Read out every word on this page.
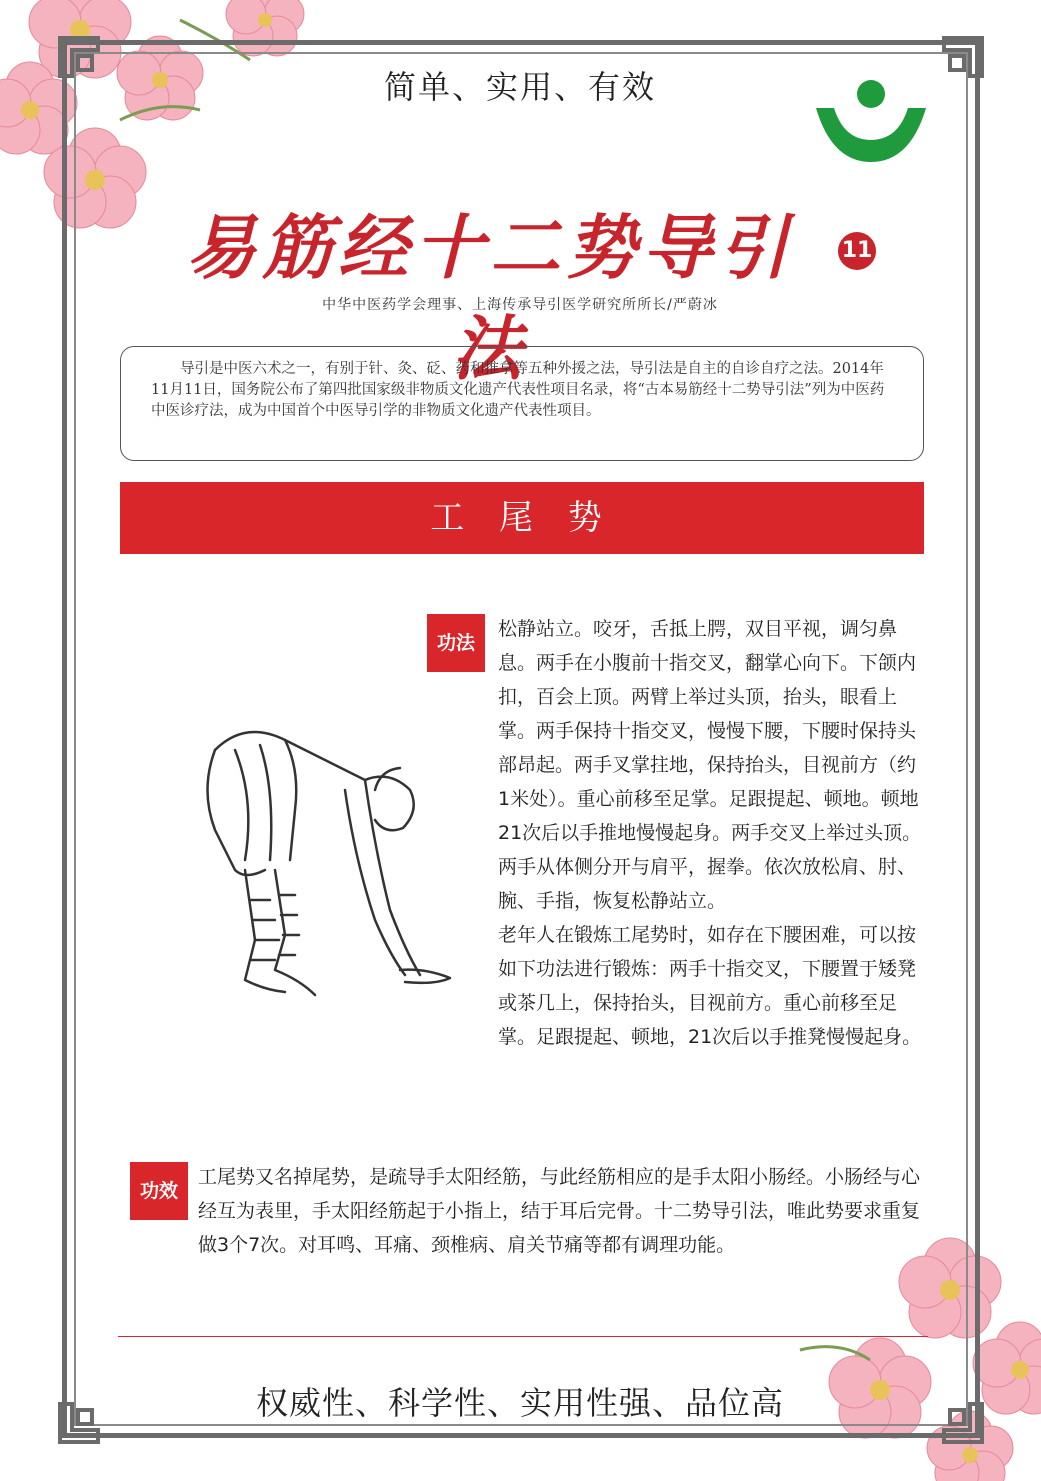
简单、实用、有效
易筋经十二势导引法
11
中华中医药学会理事、上海传承导引医学研究所所长/严蔚冰
导引是中医六术之一，有别于针、灸、砭、药和推拿等五种外援之法，导引法是自主的自诊自疗之法。2014年11月11日，国务院公布了第四批国家级非物质文化遗产代表性项目名录，将“古本易筋经十二势导引法”列为中医药中医诊疗法，成为中国首个中医导引学的非物质文化遗产代表性项目。
工 尾 势
功法

松静站立。咬牙，舌抵上腭，双目平视，调匀鼻息。两手在小腹前十指交叉，翻掌心向下。下颌内扣，百会上顶。两臂上举过头顶，抬头，眼看上掌。两手保持十指交叉，慢慢下腰，下腰时保持头部昂起。两手叉掌拄地，保持抬头，目视前方（约1米处）。重心前移至足掌。足跟提起、顿地。顿地21次后以手推地慢慢起身。两手交叉上举过头顶。 两手从体侧分开与肩平，握拳。依次放松肩、肘、腕、手指，恢复松静站立。

老年人在锻炼工尾势时，如存在下腰困难，可以按如下功法进行锻炼：两手十指交叉，下腰置于矮凳或茶几上，保持抬头，目视前方。重心前移至足掌。足跟提起、顿地，21次后以手推凳慢慢起身。

功效
工尾势又名掉尾势，是疏导手太阳经筋，与此经筋相应的是手太阳小肠经。小肠经与心经互为表里，手太阳经筋起于小指上，结于耳后完骨。十二势导引法，唯此势要求重复做3个7次。对耳鸣、耳痛、颈椎病、肩关节痛等都有调理功能。
权威性、科学性、实用性强、品位高
